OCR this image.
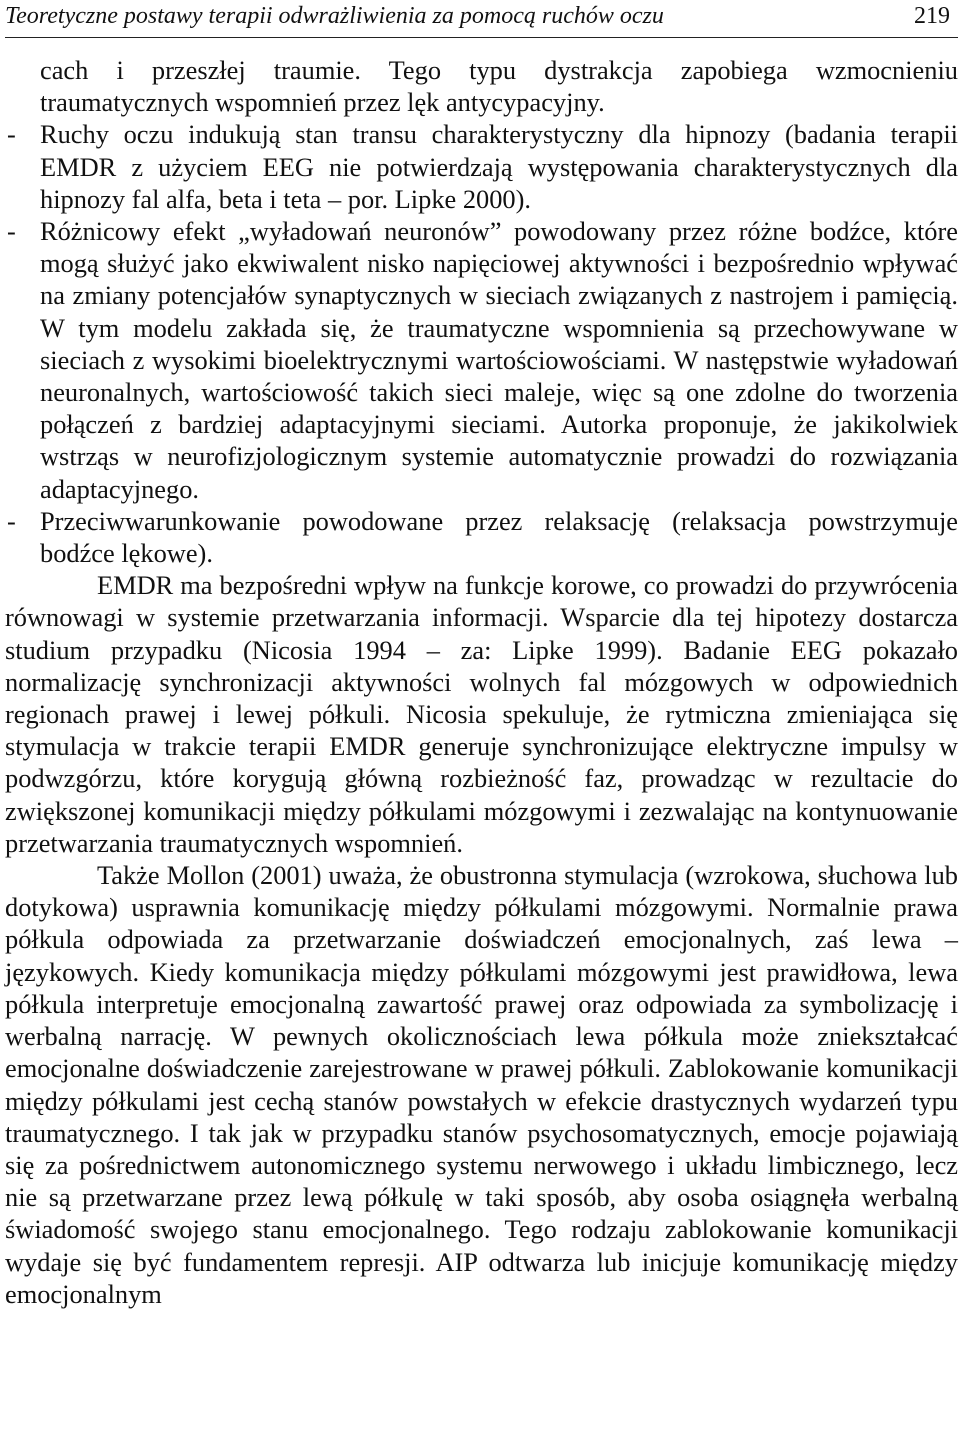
Teoretyczne postawy terapii odwrażliwienia za pomocą ruchów oczu	219

cach i przeszłej traumie. Tego typu dystrakcja zapobiega wzmocnieniu traumatycznych wspomnień przez lęk antycypacyjny.

- Ruchy oczu indukują stan transu charakterystyczny dla hipnozy (badania terapii EMDR z użyciem EEG nie potwierdzają występowania charakterystycznych dla hipnozy fal alfa, beta i teta – por. Lipke 2000).

- Różnicowy efekt „wyładowań neuronów” powodowany przez różne bodźce, które mogą służyć jako ekwiwalent nisko napięciowej aktywności i bezpośrednio wpływać na zmiany potencjałów synaptycznych w sieciach związanych z nastrojem i pamięcią. W tym modelu zakłada się, że traumatyczne wspomnienia są przechowywane w sieciach z wysokimi bioelektrycznymi wartościowościami. W następstwie wyładowań neuronalnych, wartościowość takich sieci maleje, więc są one zdolne do tworzenia połączeń z bardziej adaptacyjnymi sieciami. Autorka proponuje, że jakikolwiek wstrząs w neurofizjologicznym systemie automatycznie prowadzi do rozwiązania adaptacyjnego.

- Przeciwwarunkowanie powodowane przez relaksację (relaksacja powstrzymuje bodźce lękowe).

EMDR ma bezpośredni wpływ na funkcje korowe, co prowadzi do przywrócenia równowagi w systemie przetwarzania informacji. Wsparcie dla tej hipotezy dostarcza studium przypadku (Nicosia 1994 – za: Lipke 1999). Badanie EEG pokazało normalizację synchronizacji aktywności wolnych fal mózgowych w odpowiednich regionach prawej i lewej półkuli. Nicosia spekuluje, że rytmiczna zmieniająca się stymulacja w trakcie terapii EMDR generuje synchronizujące elektryczne impulsy w podwzgórzu, które korygują główną rozbieżność faz, prowadząc w rezultacie do zwiększonej komunikacji między półkulami mózgowymi i zezwalając na kontynuowanie przetwarzania traumatycznych wspomnień.

Także Mollon (2001) uważa, że obustronna stymulacja (wzrokowa, słuchowa lub dotykowa) usprawnia komunikację między półkulami mózgowymi. Normalnie prawa półkula odpowiada za przetwarzanie doświadczeń emocjonalnych, zaś lewa – językowych. Kiedy komunikacja między półkulami mózgowymi jest prawidłowa, lewa półkula interpretuje emocjonalną zawartość prawej oraz odpowiada za symbolizację i werbalną narrację. W pewnych okolicznościach lewa półkula może zniekształcać emocjonalne doświadczenie zarejestrowane w prawej półkuli. Zablokowanie komunikacji między półkulami jest cechą stanów powstałych w efekcie drastycznych wydarzeń typu traumatycznego. I tak jak w przypadku stanów psychosomatycznych, emocje pojawiają się za pośrednictwem autonomicznego systemu nerwowego i układu limbicznego, lecz nie są przetwarzane przez lewą półkulę w taki sposób, aby osoba osiągnęła werbalną świadomość swojego stanu emocjonalnego. Tego rodzaju zablokowanie komunikacji wydaje się być fundamentem represji. AIP odtwarza lub inicjuje komunikację między emocjonalnym
